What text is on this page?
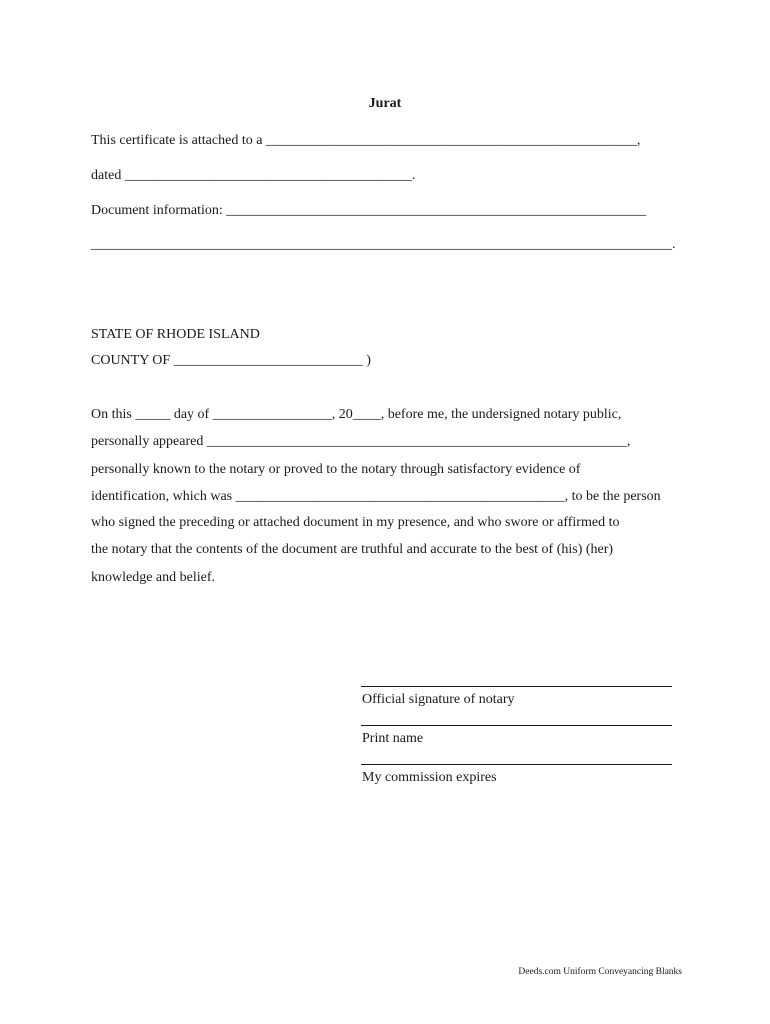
Jurat
This certificate is attached to a _____________________________________________________,
dated _________________________________________.
Document information: ____________________________________________________________
___________________________________________________________________________________.
STATE OF RHODE ISLAND
COUNTY OF ___________________________ )
On this _____ day of _________________, 20____, before me, the undersigned notary public,
personally appeared ____________________________________________________________,
personally known to the notary or proved to the notary through satisfactory evidence of
identification, which was _______________________________________________, to be the person
who signed the preceding or attached document in my presence, and who swore or affirmed to
the notary that the contents of the document are truthful and accurate to the best of (his) (her)
knowledge and belief.
Official signature of notary
Print name
My commission expires
Deeds.com Uniform Conveyancing Blanks
